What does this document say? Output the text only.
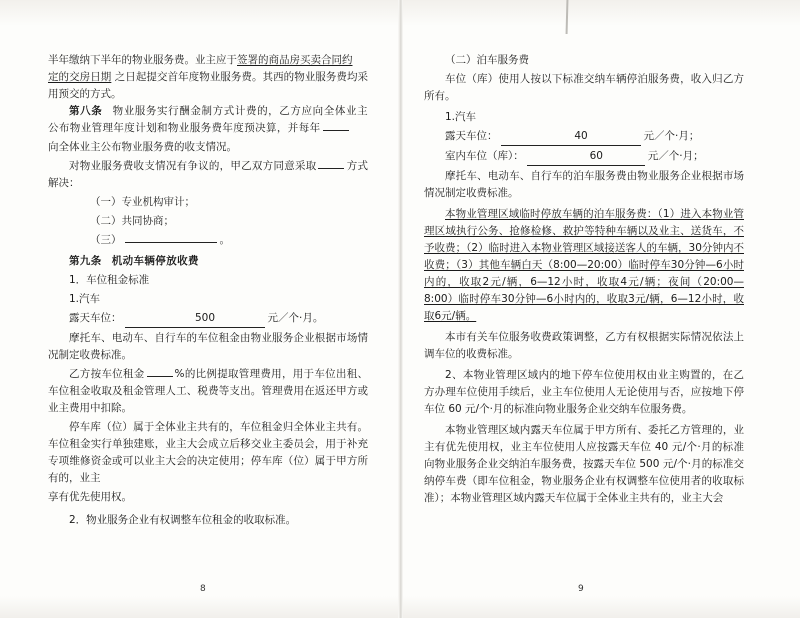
半年缴纳下半年的物业服务费。业主应于签署的商品房买卖合同约

定的交房日期 之日起提交首年度物业服务费。其西的物业服务费均采用预交的方式。

第八条 物业服务实行酬金制方式计费的，乙方应向全体业主公布物业管理年度计划和物业服务费年度预决算，并每年

向全体业主公布物业服务费的收支情况。

对物业服务费收支情况有争议的，甲乙双方同意采取	方式解决：

（一）专业机构审计；

（二）共同协商；

（三）	。

第九条 机动车辆停放收费

1．车位租金标准

1.汽车

露天车位：	500	元／个·月。

摩托车、电动车、自行车的车位租金由物业服务企业根据市场情况制定收费标准。

乙方按车位租金	%的比例提取管理费用，用于车位出租、车位租金收取及租金管理人工、税费等支出。管理费用在返还甲方或业主费用中扣除。

停车库（位）属于全体业主共有的，车位租金归全体业主共有。车位租金实行单独建账，业主大会成立后移交业主委员会，用于补充专项维修资金或可以业主大会的决定使用；停车库（位）属于甲方所有的，业主

享有优先使用权。

2．物业服务企业有权调整车位租金的收取标准。

（二）泊车服务费

车位（库）使用人按以下标准交纳车辆停泊服务费，收入归乙方所有。

1.汽车

露天车位：	40	元／个·月；

室内车位（库）：	60	元／个·月；

摩托车、电动车、自行车的泊车服务费由物业服务企业根据市场情况制定收费标准。

本物业管理区域临时停放车辆的泊车服务费：（1）进入本物业管理区域执行公务、抢修检修、救护等特种车辆以及业主、送货车，不予收费；（2）临时进入本物业管理区域接送客人的车辆，30分钟内不收费；（3）其他车辆白天（8:00—20:00）临时停车30分钟—6小时内的，收取2元/辆，6—12小时，收取4元/辆；夜间（20:00—8:00）临时停车30分钟—6小时内的，收取3元/辆，6—12小时，收取6元/辆。

本市有关车位服务收费政策调整，乙方有权根据实际情况依法上调车位的收费标准。

2、本物业管理区域内的地下停车位使用权由业主购置的，在乙方办理车位使用手续后，业主车位使用人无论使用与否，应按地下停车位 60 元/个·月的标准向物业服务企业交纳车位服务费。

本物业管理区域内露天车位属于甲方所有、委托乙方管理的，业主有优先使用权，业主车位使用人应按露天车位 40 元/个·月的标准向物业服务企业交纳泊车服务费，按露天车位 500 元/个·月的标准交纳停车费（即车位租金，物业服务企业有权调整车位使用者的收取标准）；本物业管理区域内露天车位属于全体业主共有的，业主大会

8	9
